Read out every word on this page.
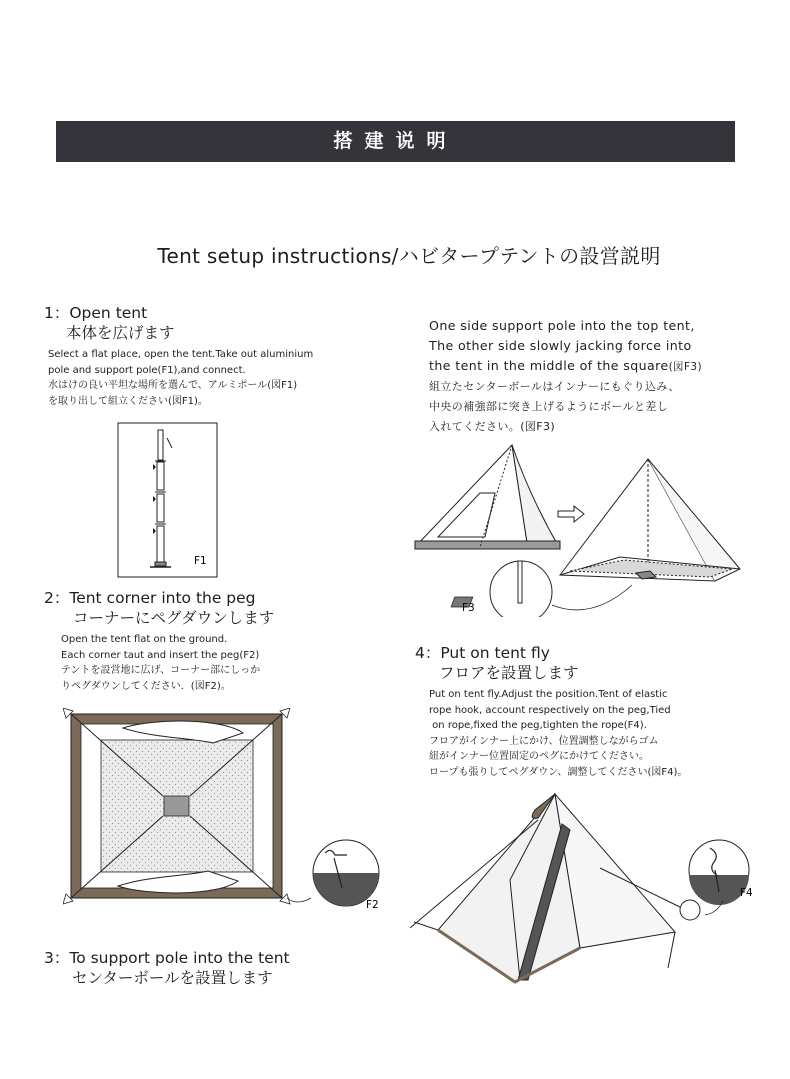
搭建说明
Tent setup instructions/ハビタープテントの設営説明
1：Open tent
本体を広げます
Select a flat place, open the tent.Take out aluminium
pole and support pole(F1),and connect.
水はけの良い平坦な場所を選んで、アルミポール(図F1)
を取り出して組立ください(図F1)。
F1
2：Tent corner into the peg
コーナーにペグダウンします
Open the tent flat on the ground.
Each corner taut and insert the peg(F2)
テントを設営地に広げ、コーナー部にしっか
りペグダウンしてください．(図F2)。
F2
3：To support pole into the tent
センターボールを設置します
One side support pole into the top tent,
The other side slowly jacking force into
the tent in the middle of the square(図F3)
組立たセンターボールはインナーにもぐり込み、
中央の補強部に突き上げるようにボールと差し
入れてください。(図F3)
F3
4：Put on tent fly
フロアを設置します
Put on tent fly.Adjust the position.Tent of elastic
rope hook, account respectively on the peg,Tied
on rope,fixed the peg,tighten the rope(F4).
フロアがインナー上にかけ、位置調整しながらゴム
紐がインナー位置固定のペグにかけてください。
ロープも張りしてペグダウン、調整してください(図F4)。
F4
